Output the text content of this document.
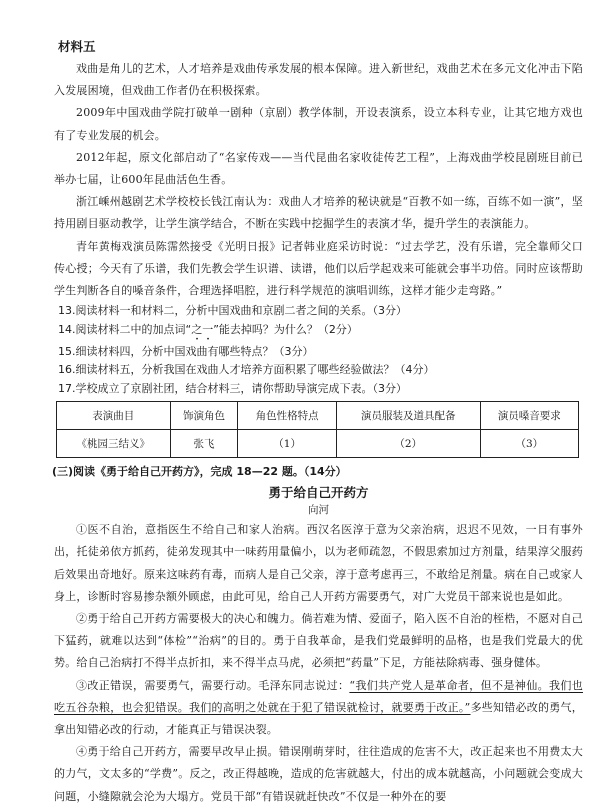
材料五

戏曲是角儿的艺术，人才培养是戏曲传承发展的根本保障。进入新世纪，戏曲艺术在多元文化冲击下陷入发展困境，但戏曲工作者仍在积极探索。

2009年中国戏曲学院打破单一剧种（京剧）教学体制，开设表演系，设立本科专业，让其它地方戏也有了专业发展的机会。

2012年起，原文化部启动了“名家传戏——当代昆曲名家收徒传艺工程”，上海戏曲学校昆剧班目前已举办七届，让600年昆曲活色生香。

浙江嵊州越剧艺术学校校长钱江南认为：戏曲人才培养的秘诀就是“百教不如一练，百练不如一演”，坚持用剧目驱动教学，让学生演学结合，不断在实践中挖掘学生的表演才华，提升学生的表演能力。

青年黄梅戏演员陈霈然接受《光明日报》记者韩业庭采访时说：“过去学艺，没有乐谱，完全靠师父口传心授；今天有了乐谱，我们先教会学生识谱、读谱，他们以后学起戏来可能就会事半功倍。同时应该帮助学生判断各自的嗓音条件，合理选择唱腔，进行科学规范的演唱训练，这样才能少走弯路。”

13.阅读材料一和材料二，分析中国戏曲和京剧二者之间的关系。（3分）
14.阅读材料二中的加点词“之一”能去掉吗？为什么？（2分）
15.细读材料四，分析中国戏曲有哪些特点？（3分）
16.细读材料五，分析我国在戏曲人才培养方面积累了哪些经验做法？（4分）
17.学校成立了京剧社团，结合材料三，请你帮助导演完成下表。（3分）
表演曲目	饰演角色	角色性格特点	演员服装及道具配备	演员嗓音要求
《桃园三结义》	张飞	（1）	（2）	（3）
(三)阅读《勇于给自己开药方》，完成 18—22 题。（14分）
勇于给自己开药方
向河

①医不自治，意指医生不给自己和家人治病。西汉名医淳于意为父亲治病，迟迟不见效，一日有事外出，托徒弟依方抓药，徒弟发现其中一味药用量偏小，以为老师疏忽，不假思索加过方剂量，结果淳父服药后效果出奇地好。原来这味药有毒，而病人是自己父亲，淳于意考虑再三，不敢给足剂量。病在自己或家人身上，诊断时容易掺杂额外顾虑，由此可见，给自己人开药方需要勇气，对广大党员干部来说也是如此。

②勇于给自己开药方需要极大的决心和魄力。倘若难为情、爱面子，陷入医不自治的桎梏，不愿对自己下猛药，就难以达到“体检”“治病”的目的。勇于自我革命，是我们党最鲜明的品格，也是我们党最大的优势。给自己治病打不得半点折扣，来不得半点马虎，必须把“药量”下足，方能祛除病毒、强身健体。

③改正错误，需要勇气，需要行动。毛泽东同志说过：“我们共产党人是革命者，但不是神仙。我们也吃五谷杂粮，也会犯错误。我们的高明之处就在于犯了错误就检讨，就要勇于改正。”多些知错必改的勇气，拿出知错必改的行动，才能真正与错误决裂。

④勇于给自己开药方，需要早改早止损。错误刚萌芽时，往往造成的危害不大，改正起来也不用费太大的力气，文太多的“学费”。反之，改正得越晚，造成的危害就越大，付出的成本就越高，小问题就会变成大问题，小缝隙就会沦为大塌方。党员干部“有错误就赶快改”不仅是一种外在的要
